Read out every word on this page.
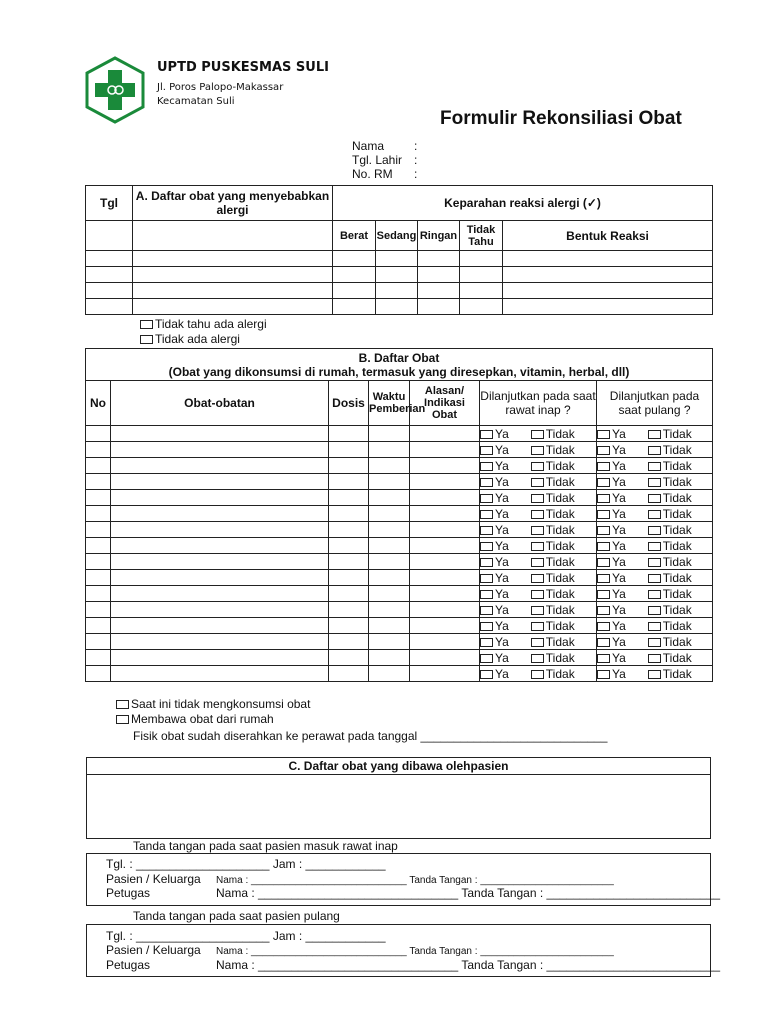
UPTD PUSKESMAS SULI
Jl. Poros Palopo-Makassar
Kecamatan Suli
Formulir Rekonsiliasi Obat
Nama :
Tgl. Lahir :
No. RM :
Tgl	A. Daftar obat yang menyebabkan alergi	Keparahan reaksi alergi (✓)				
		Berat	Sedang	Ringan	Tidak Tahu	Bentuk Reaksi

Tidak tahu ada alergi
Tidak ada alergi
B. Daftar Obat
(Obat yang dikonsumsi di rumah, termasuk yang diresepkan, vitamin, herbal, dll)						

No	Obat-obatan	Dosis	Waktu Pemberian	Alasan/ Indikasi Obat	Dilanjutkan pada saat rawat inap ?	Dilanjutkan pada saat pulang ?
					Ya Tidak	Ya Tidak
					Ya Tidak	Ya Tidak
					Ya Tidak	Ya Tidak
					Ya Tidak	Ya Tidak
					Ya Tidak	Ya Tidak
					Ya Tidak	Ya Tidak
					Ya Tidak	Ya Tidak
					Ya Tidak	Ya Tidak
					Ya Tidak	Ya Tidak
					Ya Tidak	Ya Tidak
					Ya Tidak	Ya Tidak
					Ya Tidak	Ya Tidak
					Ya Tidak	Ya Tidak
					Ya Tidak	Ya Tidak
					Ya Tidak	Ya Tidak
					Ya Tidak	Ya Tidak
Saat ini tidak mengkonsumsi obat
Membawa obat dari rumah
Fisik obat sudah diserahkan ke perawat pada tanggal ____________________________
C. Daftar obat yang dibawa olehpasien
Tanda tangan pada saat pasien masuk rawat inap
Tgl. : ____________________ Jam : ____________
Pasien / Keluarga Nama : ____________________________ Tanda Tangan : ________________________
Petugas	Nama : ______________________________ Tanda Tangan : __________________________
Tanda tangan pada saat pasien pulang
Tgl. : ____________________ Jam : ____________
Pasien / Keluarga Nama : ____________________________ Tanda Tangan : ________________________
Petugas	Nama : ______________________________ Tanda Tangan : __________________________
